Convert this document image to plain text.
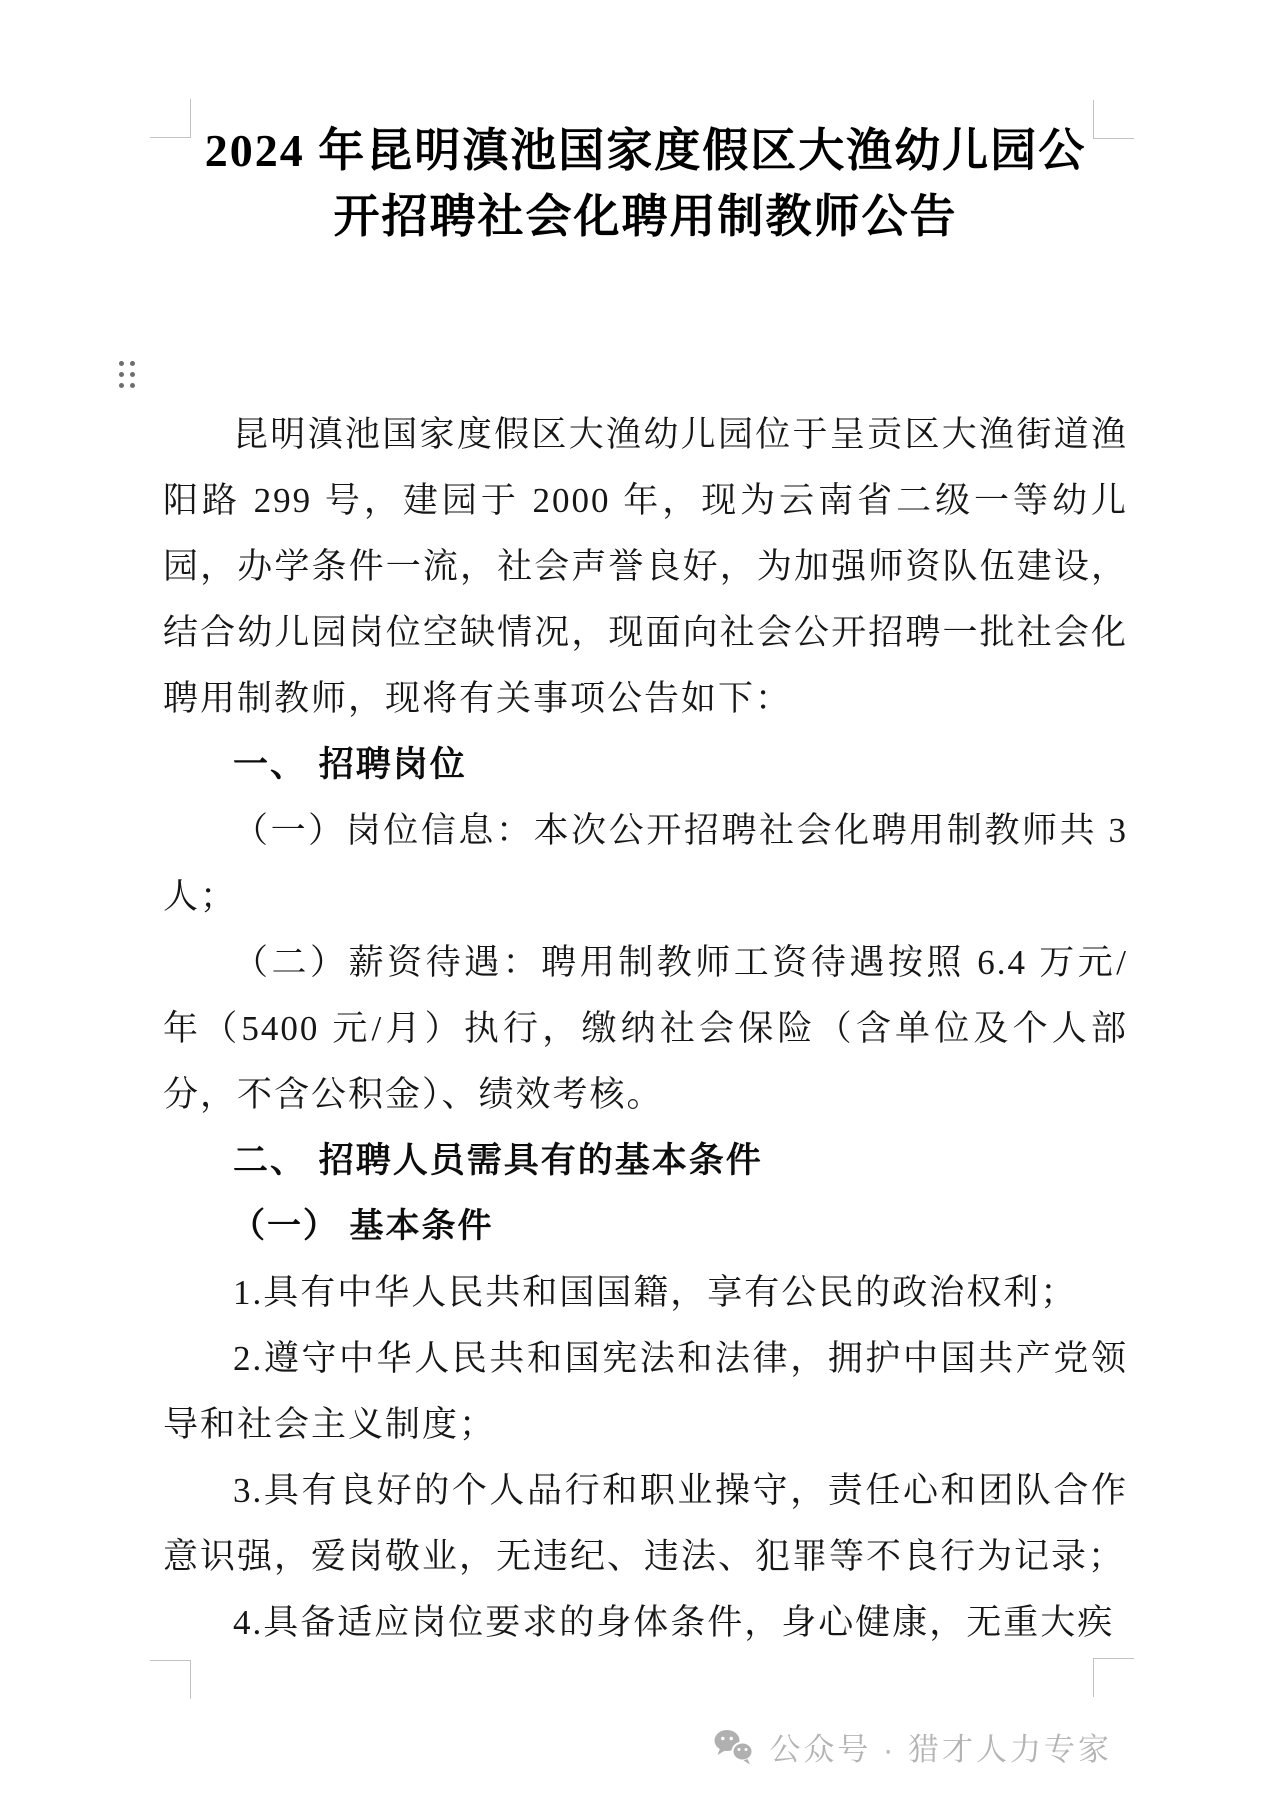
2024 年昆明滇池国家度假区大渔幼儿园公
开招聘社会化聘用制教师公告

昆明滇池国家度假区大渔幼儿园位于呈贡区大渔街道渔阳路 299 号，建园于 2000 年，现为云南省二级一等幼儿园，办学条件一流，社会声誉良好，为加强师资队伍建设，结合幼儿园岗位空缺情况，现面向社会公开招聘一批社会化聘用制教师，现将有关事项公告如下：

一、 招聘岗位

（一）岗位信息：本次公开招聘社会化聘用制教师共 3 人；

（二）薪资待遇：聘用制教师工资待遇按照 6.4 万元/年（5400 元/月）执行，缴纳社会保险（含单位及个人部分，不含公积金）、绩效考核。

二、 招聘人员需具有的基本条件
（一） 基本条件

1.具有中华人民共和国国籍，享有公民的政治权利；

2.遵守中华人民共和国宪法和法律，拥护中国共产党领导和社会主义制度；

3.具有良好的个人品行和职业操守，责任心和团队合作意识强，爱岗敬业，无违纪、违法、犯罪等不良行为记录；

4.具备适应岗位要求的身体条件，身心健康，无重大疾

公众号 · 猎才人力专家
